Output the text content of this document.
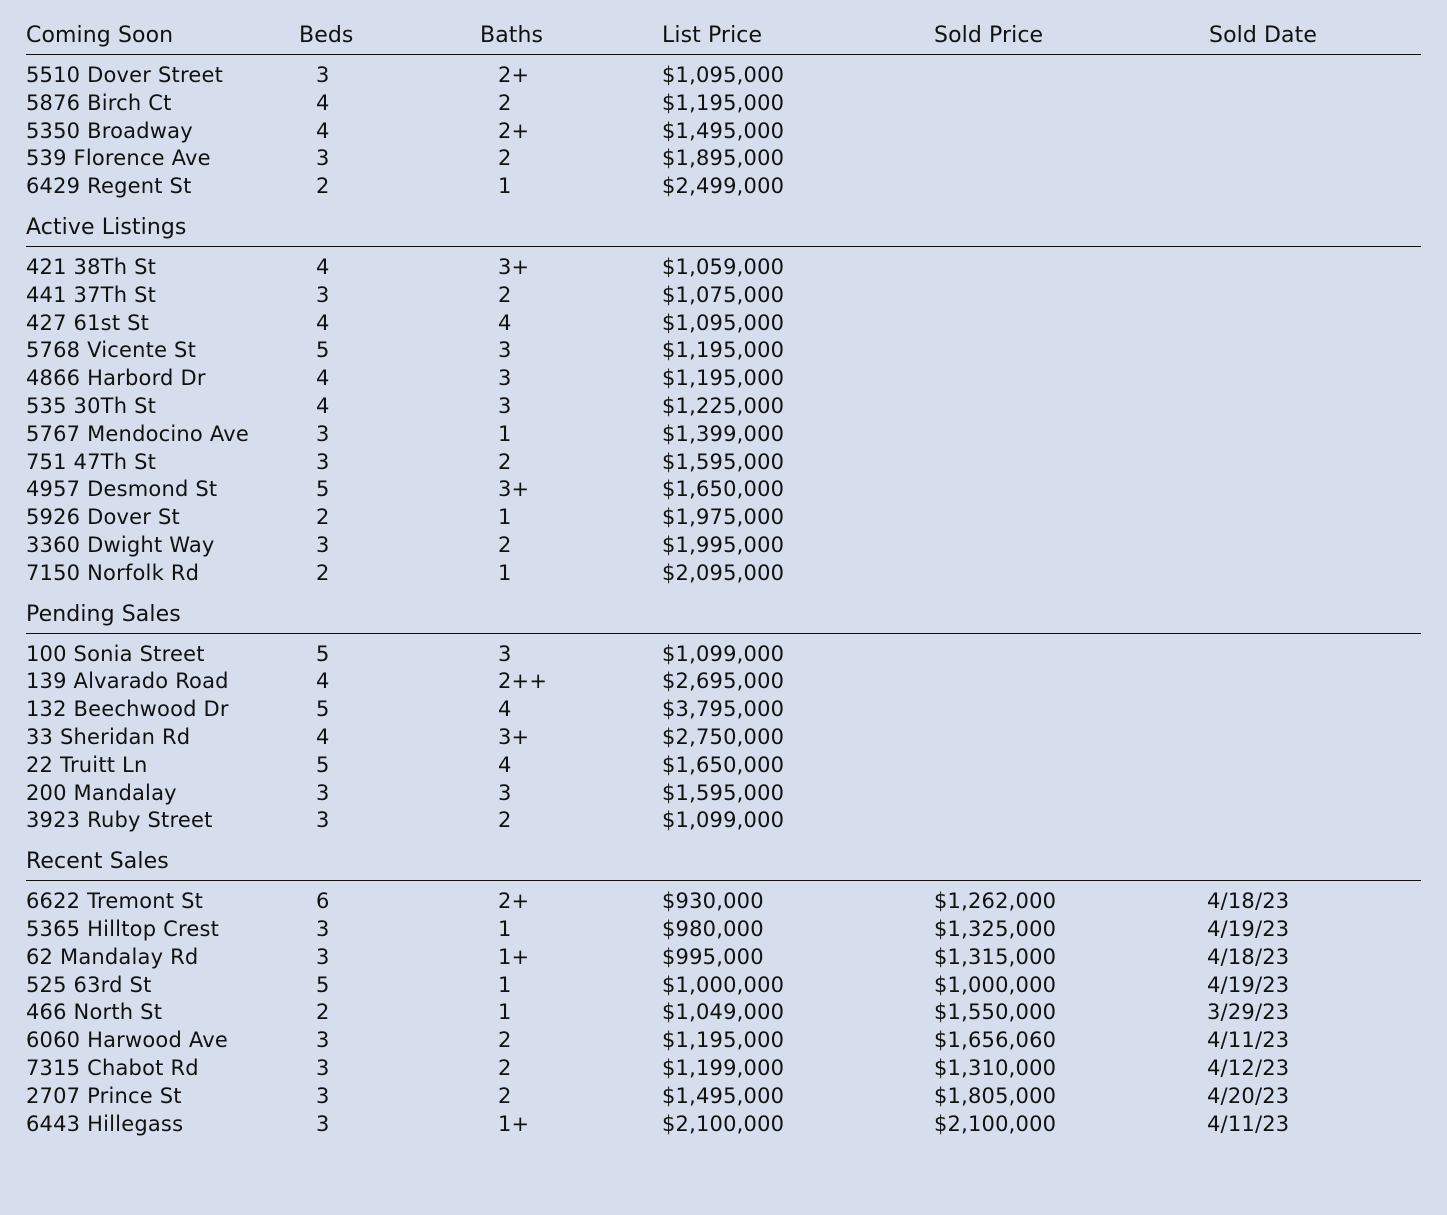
Coming Soon	Beds	Baths	List Price	Sold Price	Sold Date
5510 Dover Street	3	2+	$1,095,000
5876 Birch Ct	4	2	$1,195,000
5350 Broadway	4	2+	$1,495,000
539 Florence Ave	3	2	$1,895,000
6429 Regent St	2	1	$2,499,000
Active Listings
421 38Th St	4	3+	$1,059,000
441 37Th St	3	2	$1,075,000
427 61st St	4	4	$1,095,000
5768 Vicente St	5	3	$1,195,000
4866 Harbord Dr	4	3	$1,195,000
535 30Th St	4	3	$1,225,000
5767 Mendocino Ave	3	1	$1,399,000
751 47Th St	3	2	$1,595,000
4957 Desmond St	5	3+	$1,650,000
5926 Dover St	2	1	$1,975,000
3360 Dwight Way	3	2	$1,995,000
7150 Norfolk Rd	2	1	$2,095,000
Pending Sales
100 Sonia Street	5	3	$1,099,000
139 Alvarado Road	4	2++	$2,695,000
132 Beechwood Dr	5	4	$3,795,000
33 Sheridan Rd	4	3+	$2,750,000
22 Truitt Ln	5	4	$1,650,000
200 Mandalay	3	3	$1,595,000
3923 Ruby Street	3	2	$1,099,000
Recent Sales
6622 Tremont St	6	2+	$930,000	$1,262,000	4/18/23
5365 Hilltop Crest	3	1	$980,000	$1,325,000	4/19/23
62 Mandalay Rd	3	1+	$995,000	$1,315,000	4/18/23
525 63rd St	5	1	$1,000,000	$1,000,000	4/19/23
466 North St	2	1	$1,049,000	$1,550,000	3/29/23
6060 Harwood Ave	3	2	$1,195,000	$1,656,060	4/11/23
7315 Chabot Rd	3	2	$1,199,000	$1,310,000	4/12/23
2707 Prince St	3	2	$1,495,000	$1,805,000	4/20/23
6443 Hillegass	3	1+	$2,100,000	$2,100,000	4/11/23
